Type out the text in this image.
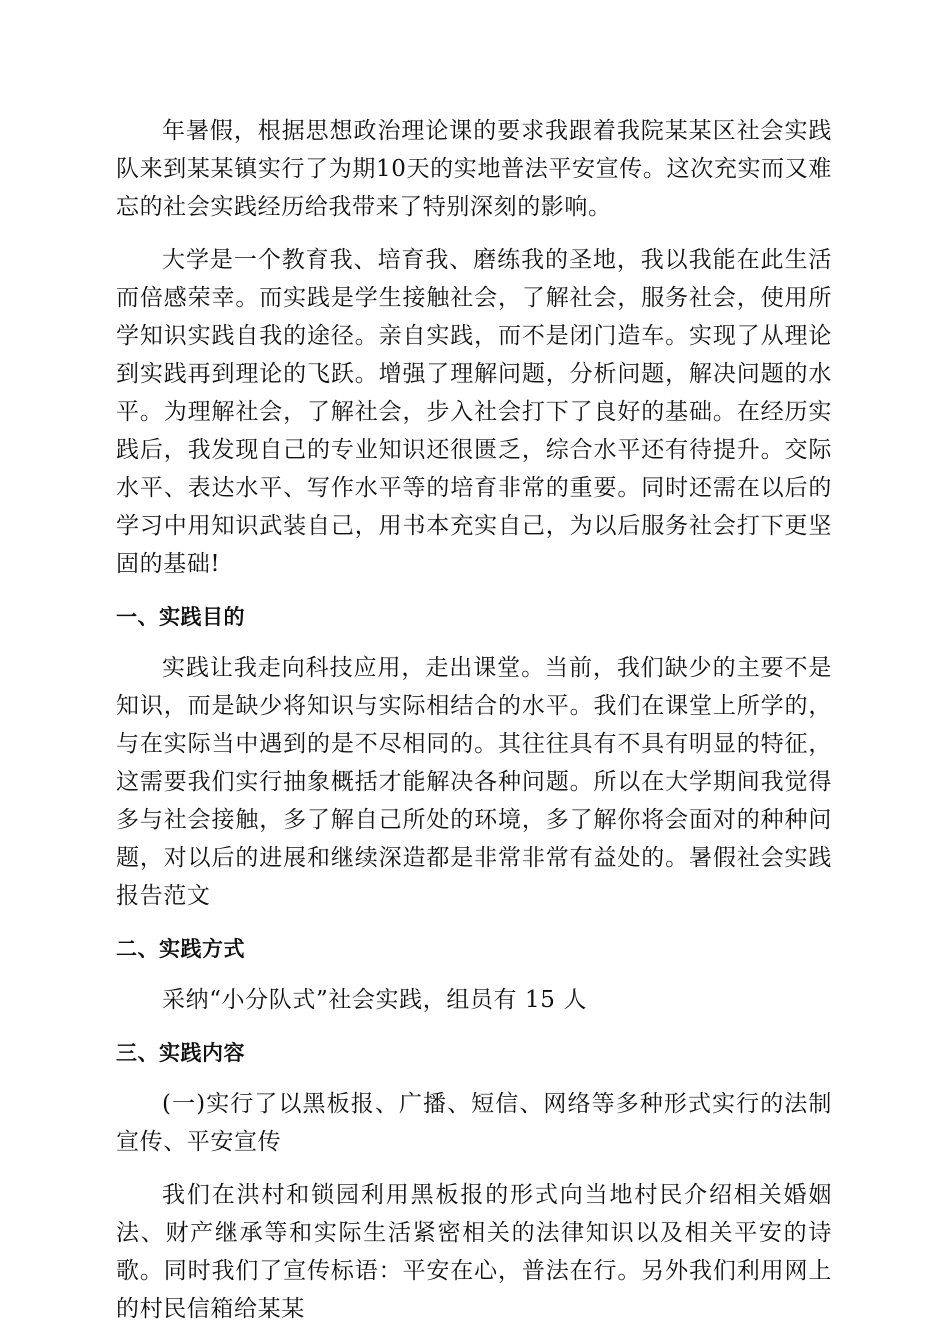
年暑假，根据思想政治理论课的要求我跟着我院某某区社会实践队来到某某镇实行了为期10天的实地普法平安宣传。这次充实而又难忘的社会实践经历给我带来了特别深刻的影响。

大学是一个教育我、培育我、磨练我的圣地，我以我能在此生活而倍感荣幸。而实践是学生接触社会，了解社会，服务社会，使用所学知识实践自我的途径。亲自实践，而不是闭门造车。实现了从理论到实践再到理论的飞跃。增强了理解问题，分析问题，解决问题的水平。为理解社会，了解社会，步入社会打下了良好的基础。在经历实践后，我发现自己的专业知识还很匮乏，综合水平还有待提升。交际水平、表达水平、写作水平等的培育非常的重要。同时还需在以后的学习中用知识武装自己，用书本充实自己，为以后服务社会打下更坚固的基础!

一、实践目的

实践让我走向科技应用，走出课堂。当前，我们缺少的主要不是知识，而是缺少将知识与实际相结合的水平。我们在课堂上所学的，与在实际当中遇到的是不尽相同的。其往往具有不具有明显的特征，这需要我们实行抽象概括才能解决各种问题。所以在大学期间我觉得多与社会接触，多了解自己所处的环境，多了解你将会面对的种种问题，对以后的进展和继续深造都是非常非常有益处的。暑假社会实践报告范文

二、实践方式

采纳“小分队式”社会实践，组员有 15 人

三、实践内容

(一)实行了以黑板报、广播、短信、网络等多种形式实行的法制宣传、平安宣传

我们在洪村和锁园利用黑板报的形式向当地村民介绍相关婚姻法、财产继承等和实际生活紧密相关的法律知识以及相关平安的诗歌。同时我们了宣传标语：平安在心，普法在行。另外我们利用网上的村民信箱给某某
